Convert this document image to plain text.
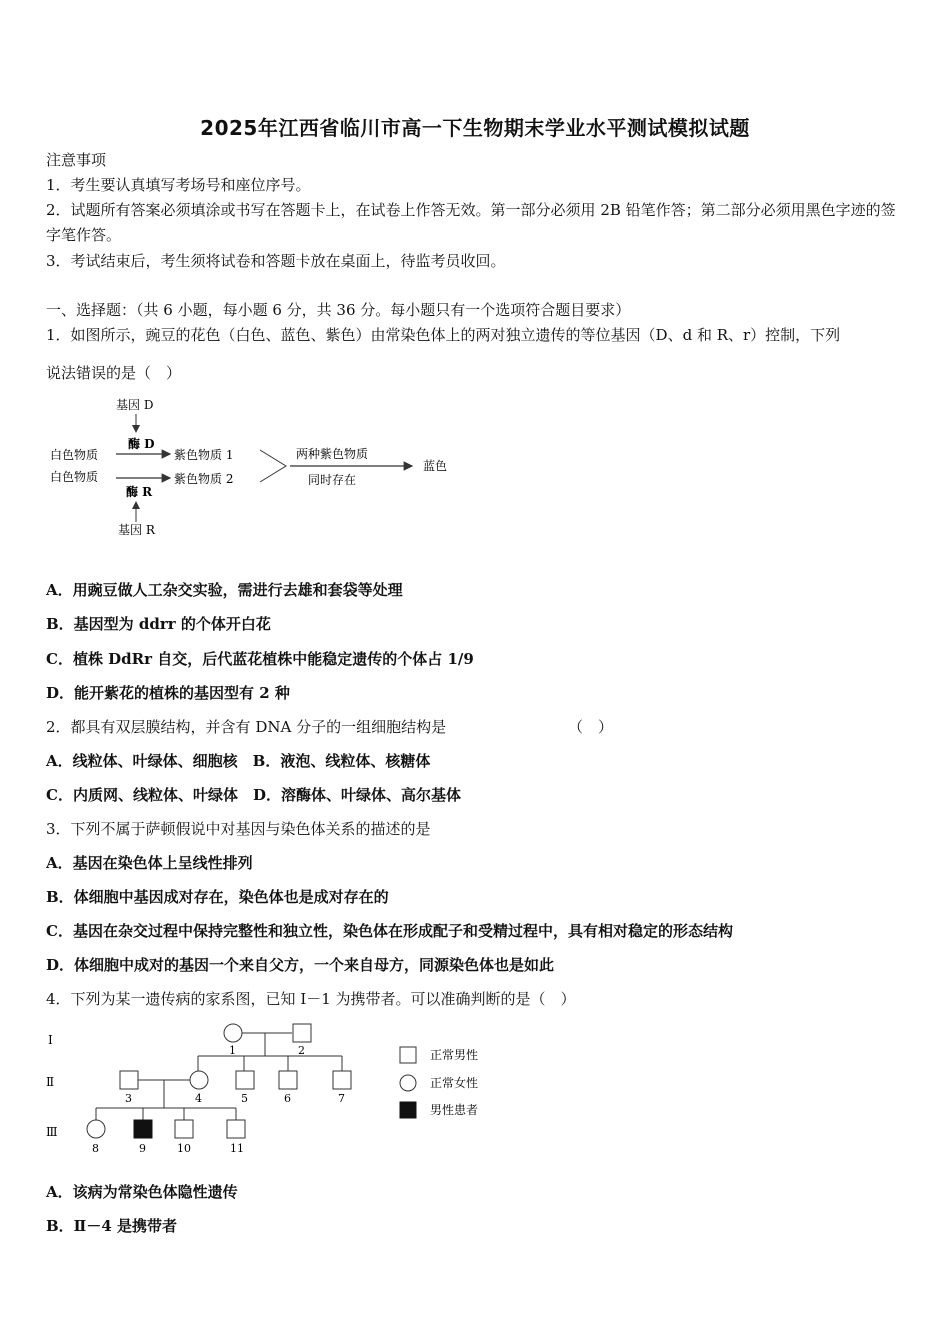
2025年江西省临川市高一下生物期末学业水平测试模拟试题
注意事项
1．考生要认真填写考场号和座位序号。
2．试题所有答案必须填涂或书写在答题卡上，在试卷上作答无效。第一部分必须用 2B 铅笔作答；第二部分必须用黑色字迹的签字笔作答。
3．考试结束后，考生须将试卷和答题卡放在桌面上，待监考员收回。
一、选择题：（共 6 小题，每小题 6 分，共 36 分。每小题只有一个选项符合题目要求）
1．如图所示，豌豆的花色（白色、蓝色、紫色）由常染色体上的两对独立遗传的等位基因（D、d 和 R、r）控制，下列
说法错误的是（　）
基因 D
酶 D
白色物质	紫色物质 1
白色物质	紫色物质 2
两种紫色物质
同时存在
蓝色
酶 R
基因 R
A．用豌豆做人工杂交实验，需进行去雄和套袋等处理
B．基因型为 ddrr 的个体开白花
C．植株 DdRr 自交，后代蓝花植株中能稳定遗传的个体占 1/9
D．能开紫花的植株的基因型有 2 种
2．都具有双层膜结构，并含有 DNA 分子的一组细胞结构是	（　）
A．线粒体、叶绿体、细胞核　B．液泡、线粒体、核糖体
C．内质网、线粒体、叶绿体　D．溶酶体、叶绿体、高尔基体
3．下列不属于萨顿假说中对基因与染色体关系的描述的是
A．基因在染色体上呈线性排列
B．体细胞中基因成对存在，染色体也是成对存在的
C．基因在杂交过程中保持完整性和独立性，染色体在形成配子和受精过程中，具有相对稳定的形态结构
D．体细胞中成对的基因一个来自父方，一个来自母方，同源染色体也是如此
4．下列为某一遗传病的家系图，已知 I－1 为携带者。可以准确判断的是（　）
I
Ⅱ
Ⅲ
1	2
3	4	5	6	7
8	9	10	11
正常男性
正常女性
男性患者
A．该病为常染色体隐性遗传
B．Ⅱ－4 是携带者
